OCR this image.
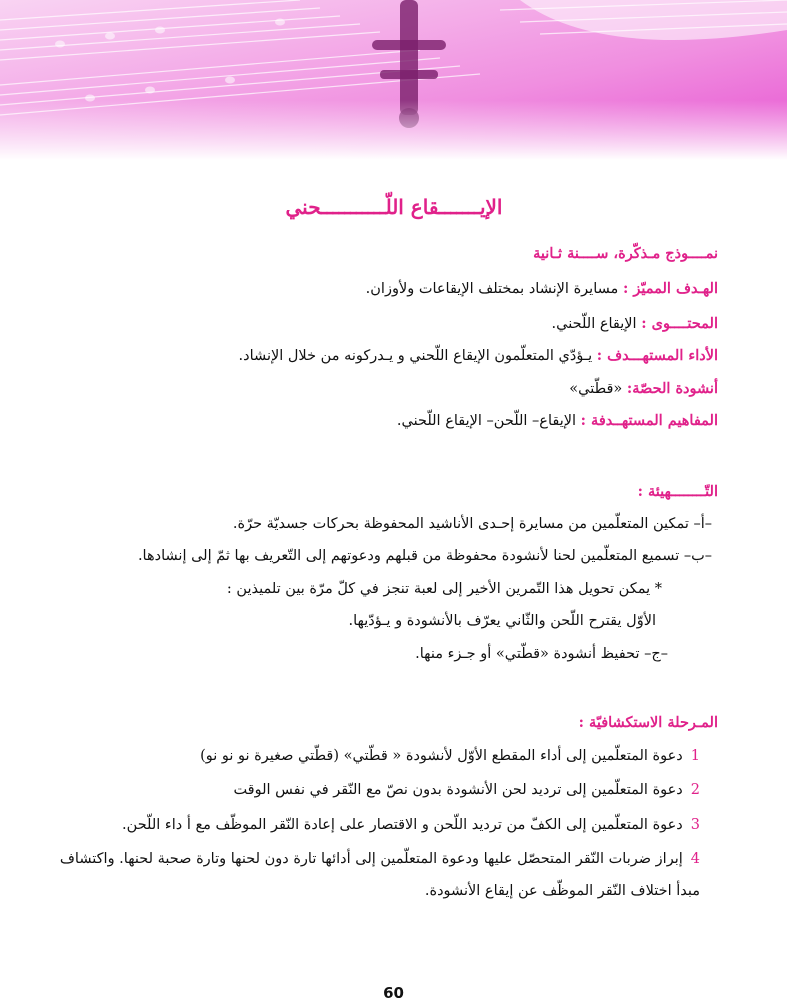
الإيـــــــقاع اللّـــــــــــحني
نمــــوذج مـذكّرة، ســــنة ثـانية
الهـدف المميّز : مسايرة الإنشاد بمختلف الإيقاعات ولأوزان.
المحتــــوى : الإيقاع اللّحني.
الأداء المستهـــدف : يـؤدّي المتعلّمون الإيقاع اللّحني و يـدركونه من خلال الإنشاد.
أنشودة الحصّة: «قطّتي»
المفاهيم المستهــدفة : الإيقاع– اللّحن– الإيقاع اللّحني.
التّــــــــهيئة :
–أ– تمكين المتعلّمين من مسايرة إحـدى الأناشيد المحفوظة بحركات جسديّة حرّة.
–ب– تسميع المتعلّمين لحنا لأنشودة محفوظة من قبلهم ودعوتهم إلى التّعريف بها ثمّ إلى إنشادها.
* يمكن تحويل هذا التّمرين الأخير إلى لعبة تنجز في كلّ مرّة بين تلميذين :
الأوّل يقترح اللّحن والثّاني يعرّف بالأنشودة و يـؤدّيها.
–ج– تحفيظ أنشودة «قطّتي» أو جـزء منها.
المـرحلة الاستكشافيّة :
1دعوة المتعلّمين إلى أداء المقطع الأوّل لأنشودة « قطّتي» (قطّتي صغيرة نو نو نو)
2دعوة المتعلّمين إلى ترديد لحن الأنشودة بدون نصّ مع النّقر في نفس الوقت
3دعوة المتعلّمين إلى الكفّ من ترديد اللّحن و الاقتصار على إعادة النّقر الموظّف مع أ داء اللّحن.
4إبراز ضربات النّقر المتحصّل عليها ودعوة المتعلّمين إلى أدائها تارة دون لحنها وتارة صحبة لحنها. واكتشاف
مبدأ اختلاف النّقر الموظّف عن إيقاع الأنشودة.
60
